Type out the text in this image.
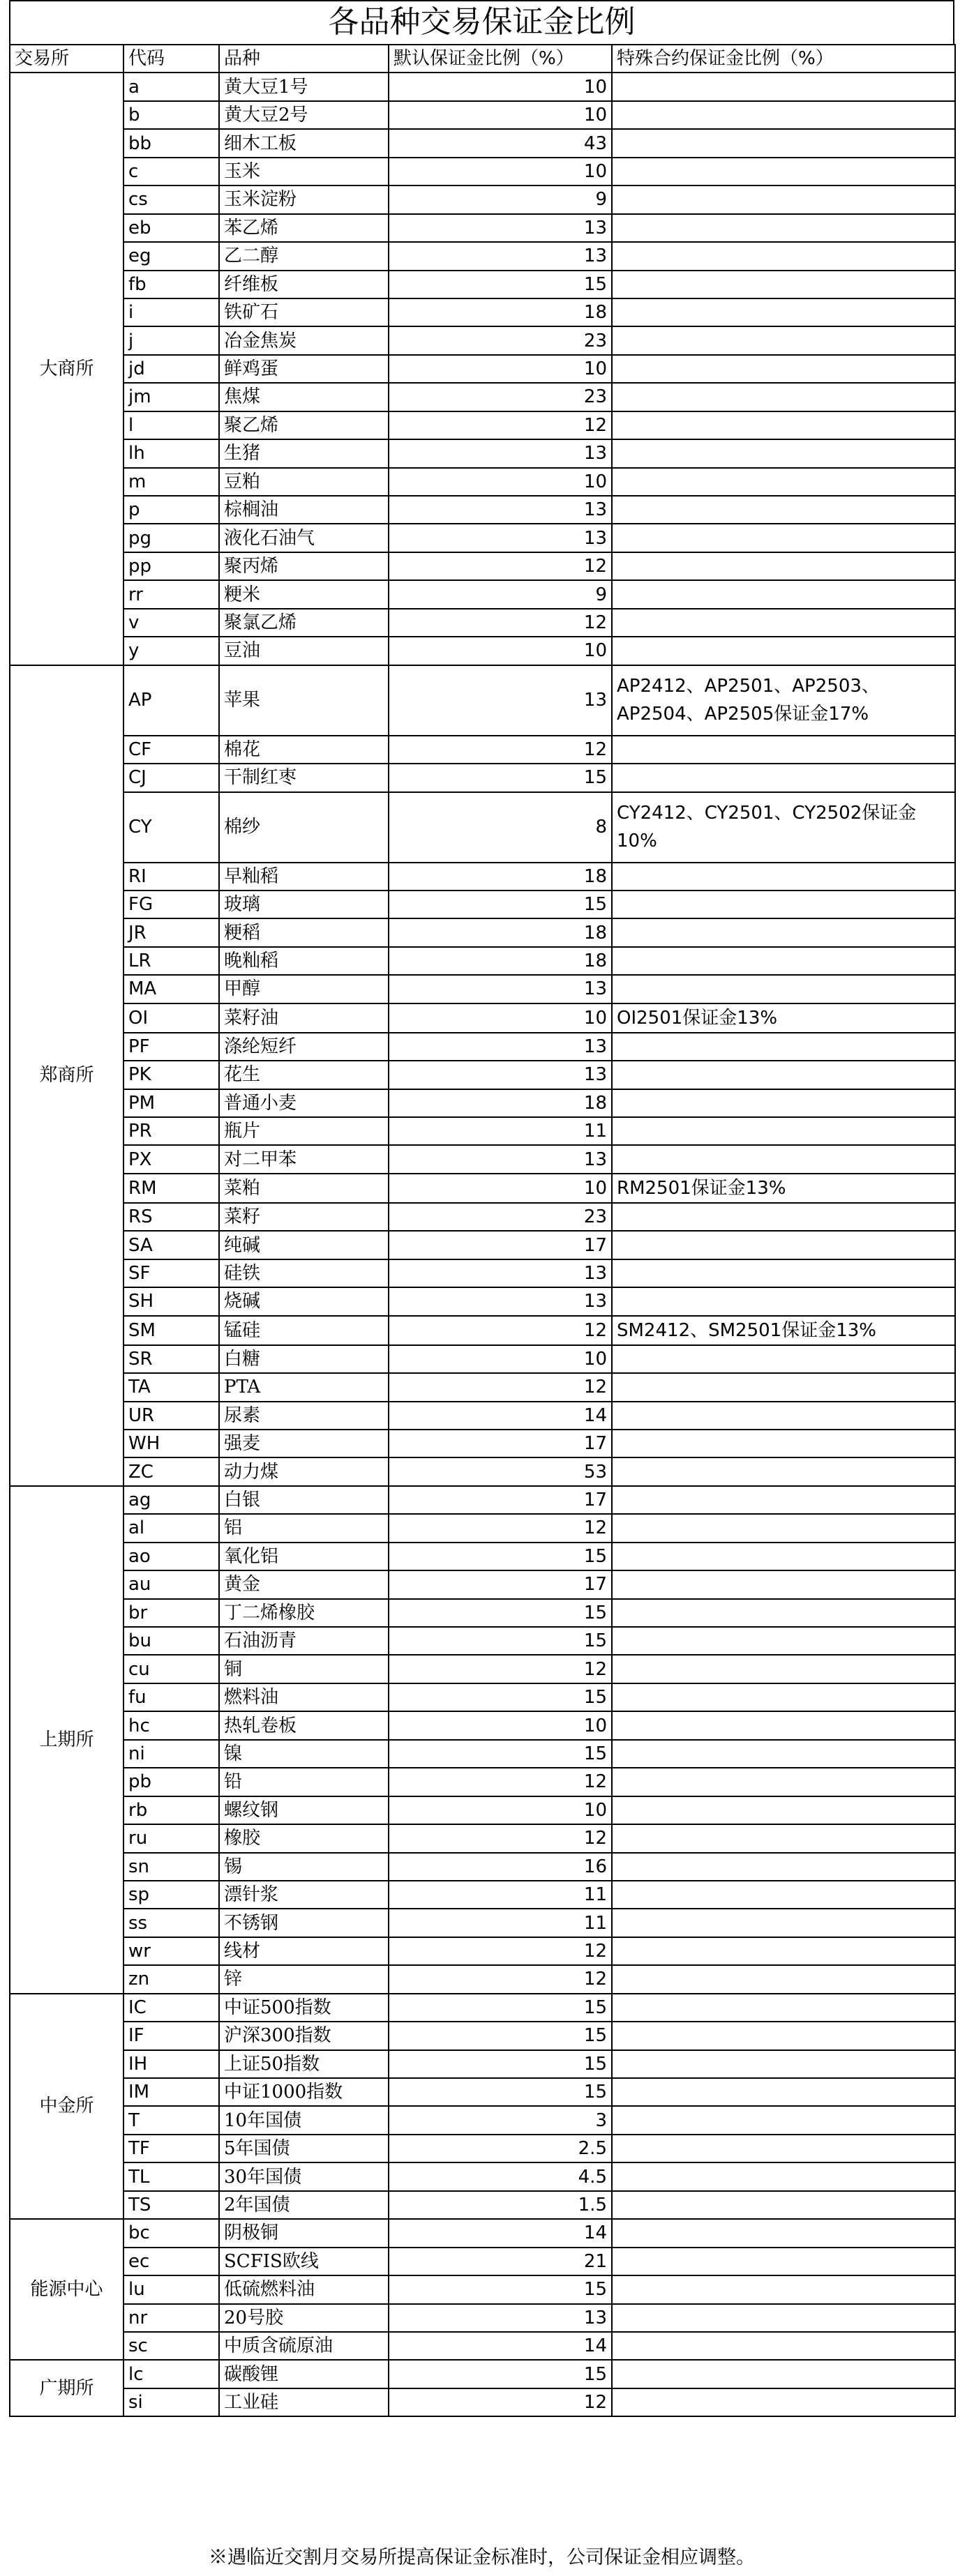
各品种交易保证金比例
交易所	代码	品种	默认保证金比例（%）	特殊合约保证金比例（%）
大商所	a	黄大豆1号	10	
	b	黄大豆2号	10	
	bb	细木工板	43	
	c	玉米	10	
	cs	玉米淀粉	9	
	eb	苯乙烯	13	
	eg	乙二醇	13	
	fb	纤维板	15	
	i	铁矿石	18	
	j	冶金焦炭	23	
	jd	鲜鸡蛋	10	
	jm	焦煤	23	
	l	聚乙烯	12	
	lh	生猪	13	
	m	豆粕	10	
	p	棕榈油	13	
	pg	液化石油气	13	
	pp	聚丙烯	12	
	rr	粳米	9	
	v	聚氯乙烯	12	
	y	豆油	10	
郑商所	AP	苹果	13	AP2412、AP2501、AP2503、AP2504、AP2505保证金17%
	CF	棉花	12	
	CJ	干制红枣	15	
	CY	棉纱	8	CY2412、CY2501、CY2502保证金10%
	RI	早籼稻	18	
	FG	玻璃	15	
	JR	粳稻	18	
	LR	晚籼稻	18	
	MA	甲醇	13	
	OI	菜籽油	10	OI2501保证金13%
	PF	涤纶短纤	13	
	PK	花生	13	
	PM	普通小麦	18	
	PR	瓶片	11	
	PX	对二甲苯	13	
	RM	菜粕	10	RM2501保证金13%
	RS	菜籽	23	
	SA	纯碱	17	
	SF	硅铁	13	
	SH	烧碱	13	
	SM	锰硅	12	SM2412、SM2501保证金13%
	SR	白糖	10	
	TA	PTA	12	
	UR	尿素	14	
	WH	强麦	17	
	ZC	动力煤	53	
上期所	ag	白银	17	
	al	铝	12	
	ao	氧化铝	15	
	au	黄金	17	
	br	丁二烯橡胶	15	
	bu	石油沥青	15	
	cu	铜	12	
	fu	燃料油	15	
	hc	热轧卷板	10	
	ni	镍	15	
	pb	铅	12	
	rb	螺纹钢	10	
	ru	橡胶	12	
	sn	锡	16	
	sp	漂针浆	11	
	ss	不锈钢	11	
	wr	线材	12	
	zn	锌	12	
中金所	IC	中证500指数	15	
	IF	沪深300指数	15	
	IH	上证50指数	15	
	IM	中证1000指数	15	
	T	10年国债	3	
	TF	5年国债	2.5	
	TL	30年国债	4.5	
	TS	2年国债	1.5	
能源中心	bc	阴极铜	14	
	ec	SCFIS欧线	21	
	lu	低硫燃料油	15	
	nr	20号胶	13	
	sc	中质含硫原油	14	
广期所	lc	碳酸锂	15	
	si	工业硅	12	
※遇临近交割月交易所提高保证金标准时，公司保证金相应调整。
